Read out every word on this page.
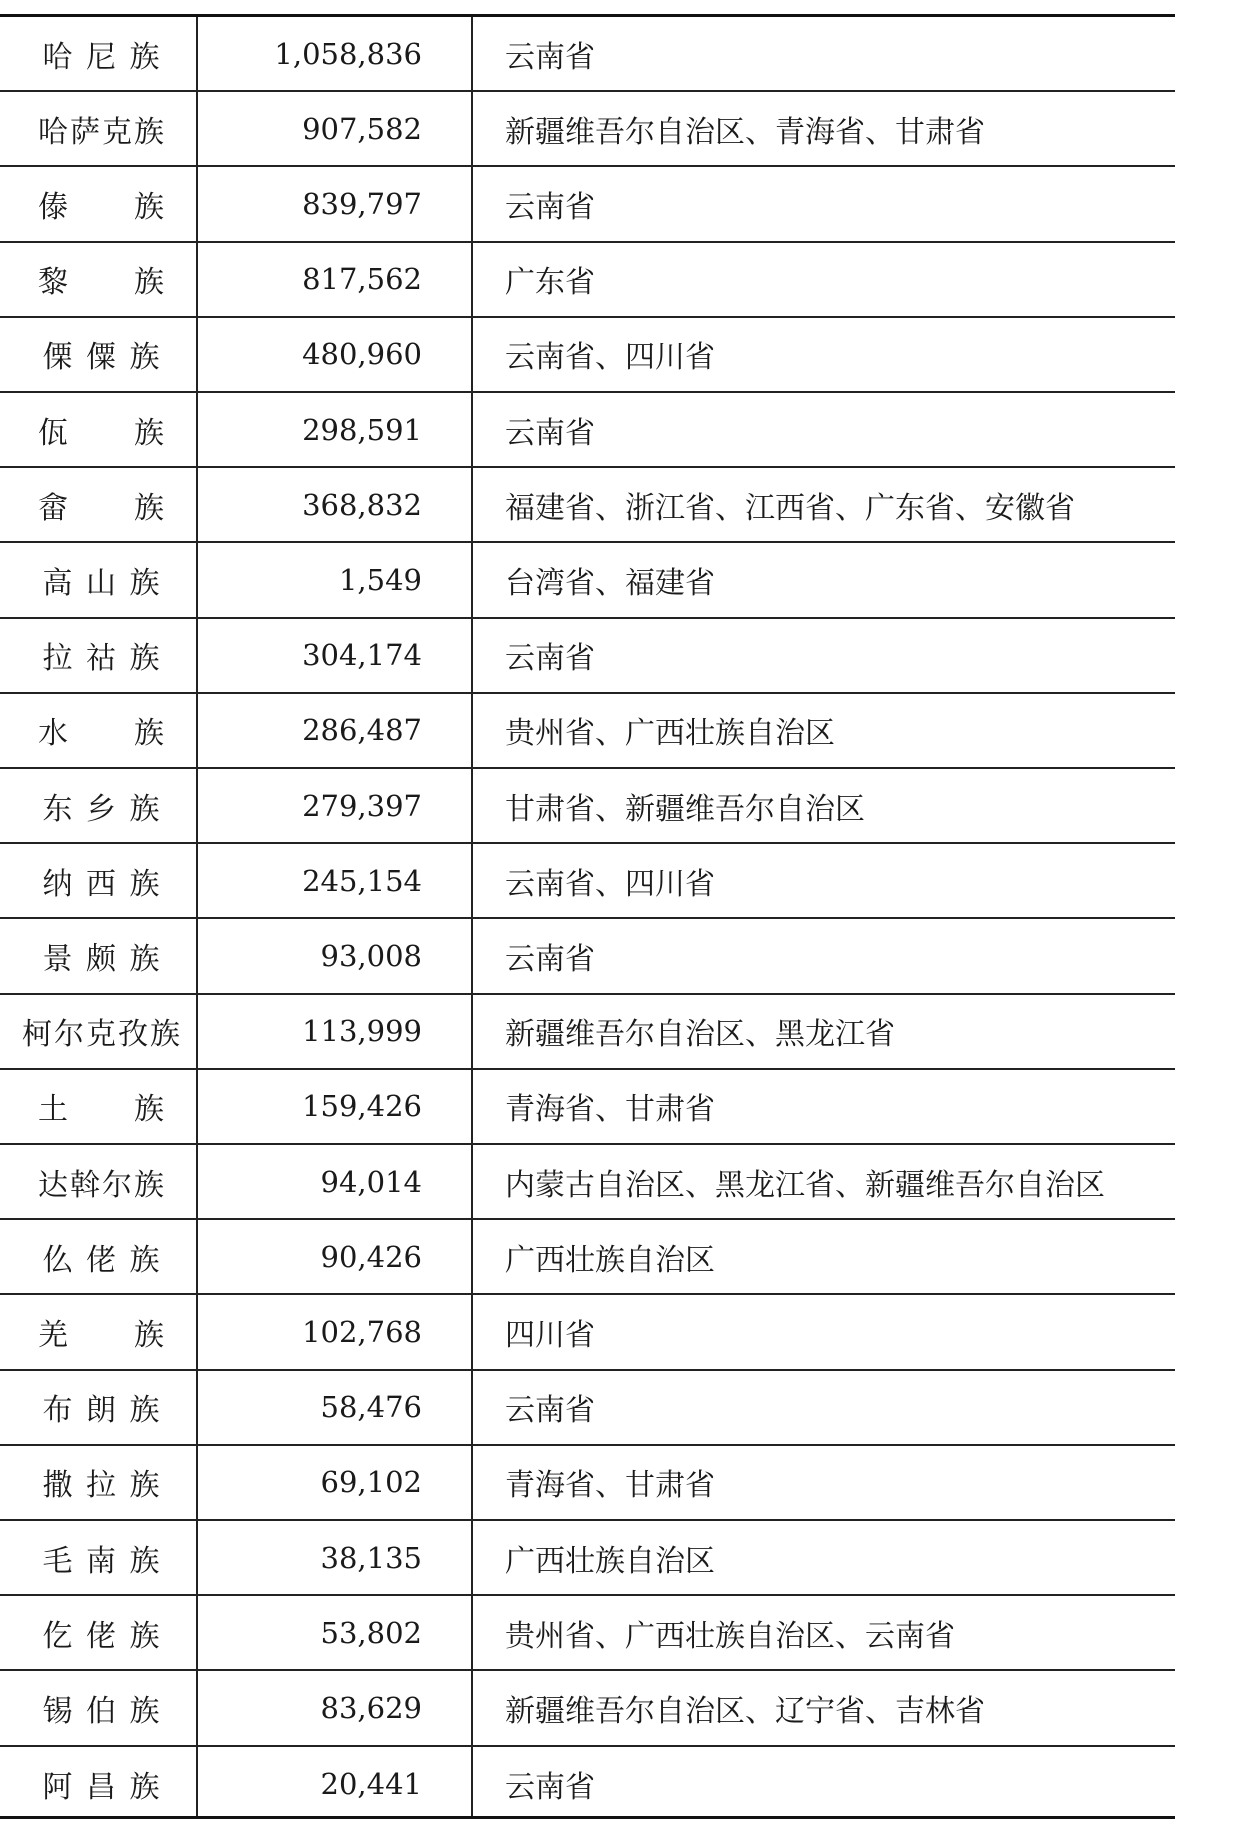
哈 尼 族	1,058,836	云南省
哈萨克族	907,582	新疆维吾尔自治区、青海省、甘肃省
傣　　族	839,797	云南省
黎　　族	817,562	广东省
傈 僳 族	480,960	云南省、四川省
佤　　族	298,591	云南省
畲　　族	368,832	福建省、浙江省、江西省、广东省、安徽省
高 山 族	1,549	台湾省、福建省
拉 祜 族	304,174	云南省
水　　族	286,487	贵州省、广西壮族自治区
东 乡 族	279,397	甘肃省、新疆维吾尔自治区
纳 西 族	245,154	云南省、四川省
景 颇 族	93,008	云南省
柯尔克孜族	113,999	新疆维吾尔自治区、黑龙江省
土　　族	159,426	青海省、甘肃省
达斡尔族	94,014	内蒙古自治区、黑龙江省、新疆维吾尔自治区
仫 佬 族	90,426	广西壮族自治区
羌　　族	102,768	四川省
布 朗 族	58,476	云南省
撒 拉 族	69,102	青海省、甘肃省
毛 南 族	38,135	广西壮族自治区
仡 佬 族	53,802	贵州省、广西壮族自治区、云南省
锡 伯 族	83,629	新疆维吾尔自治区、辽宁省、吉林省
阿 昌 族	20,441	云南省
